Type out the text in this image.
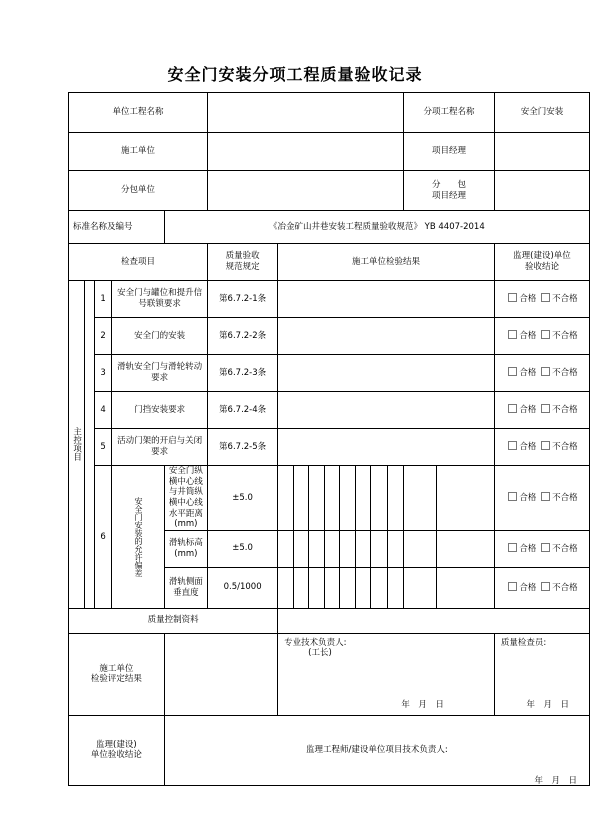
安全门安装分项工程质量验收记录
单位工程名称														分项工程名称		安全门安装
施工单位														项目经理		
分包单位														分　　包
项目经理		

标准名称及编号				《冶金矿山井巷安装工程质量验收规范》 YB 4407-2014												
检查项目					质量验收
规范规定	施工单位检验结果										监理(建设)单位
验收结论

主控项目		1	安全门与罐位和提升信号联锁要求		第6.7.2-1条											合格 不合格
		2	安全门的安装		第6.7.2-2条											合格 不合格
		3	滑轨安全门与滑轮转动要求		第6.7.2-3条											合格 不合格
		4	门挡安装要求		第6.7.2-4条											合格 不合格
		5	活动门架的开启与关闭要求		第6.7.2-5条											合格 不合格
		6	安全门安装的允许偏差	安全门纵横中心线与井筒纵横中心线水平距离(mm)	±5.0											合格 不合格
				滑轨标高(mm)	±5.0											合格 不合格
				滑轨侧面垂直度	0.5/1000											合格 不合格
质量控制资料																

施工单位
检验评定结果						专业技术负责人:
(工长)
年　月　日										质量检查员:
年　月　日

监理(建设)
单位验收结论				监理工程师/建设单位项目技术负责人:
年　月　日												
